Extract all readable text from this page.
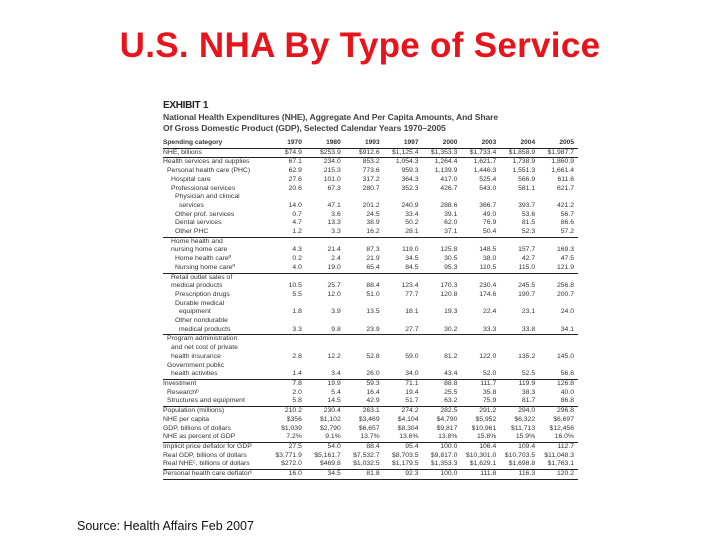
U.S. NHA By Type of Service
EXHIBIT 1
National Health Expenditures (NHE), Aggregate And Per Capita Amounts, And Share
Of Gross Domestic Product (GDP), Selected Calendar Years 1970–2005
Spending category	1970	1980	1993	1997	2000	2003	2004	2005
NHE, billions	$74.9	$253.9	$912.6	$1,125.4	$1,353.3	$1,733.4	$1,858.9	$1,987.7
Health services and supplies	67.1	234.0	853.2	1,054.3	1,264.4	1,621.7	1,738.9	1,860.9
Personal health care (PHC)	62.9	215.3	773.6	959.3	1,139.9	1,446.3	1,551.3	1,661.4
Hospital care	27.6	101.0	317.2	364.3	417.0	525.4	566.9	611.6
Professional services	20.6	67.3	280.7	352.3	426.7	543.0	581.1	621.7
Physician and clinical								
services	14.0	47.1	201.2	240.9	288.6	366.7	393.7	421.2
Other prof. services	0.7	3.6	24.5	33.4	39.1	49.0	53.6	56.7
Dental services	4.7	13.3	38.9	50.2	62.0	76.9	81.5	86.6
Other PHC	1.2	3.3	16.2	28.1	37.1	50.4	52.3	57.2
Home health and								
nursing home care	4.3	21.4	87.3	119.0	125.8	148.5	157.7	169.3
Home health careª	0.2	2.4	21.9	34.5	30.5	38.0	42.7	47.5
Nursing home careª	4.0	19.0	65.4	84.5	95.3	110.5	115.0	121.9
Retail outlet sales of								
medical products	10.5	25.7	88.4	123.4	170.3	230.4	245.5	256.8
Prescription drugs	5.5	12.0	51.0	77.7	120.8	174.6	190.7	200.7
Durable medical								
equipment	1.8	3.9	13.5	18.1	19.3	22.4	23.1	24.0
Other nondurable								
medical products	3.3	9.8	23.9	27.7	30.2	33.3	33.8	34.1
Program administration								
and net cost of private								
health insurance	2.8	12.2	52.8	59.0	81.2	122.0	135.2	145.0
Government public								
health activities	1.4	3.4	26.0	34.0	43.4	52.0	52.5	56.6
Investment	7.8	19.9	59.3	71.1	88.8	111.7	119.9	126.8
Researchᵇ	2.0	5.4	16.4	19.4	25.5	35.8	38.3	40.0
Structures and equipment	5.8	14.5	42.9	51.7	63.2	75.9	81.7	86.8
Population (millions)	210.2	230.4	263.1	274.2	282.5	291.2	294.0	296.8
NHE per capita	$356	$1,102	$3,469	$4,104	$4,790	$5,952	$6,322	$6,697
GDP, billions of dollars	$1,039	$2,790	$6,657	$8,304	$9,817	$10,961	$11,713	$12,456
NHE as percent of GDP	7.2%	9.1%	13.7%	13.6%	13.8%	15.8%	15.9%	16.0%
Implicit price deflator for GDP	27.5	54.0	88.4	95.4	100.0	106.4	109.4	112.7
Real GDP, billions of dollars	$3,771.9	$5,161.7	$7,532.7	$8,703.5	$9,817.0	$10,301.0	$10,703.5	$11,048.3
Real NHEᶜ, billions of dollars	$272.0	$469.8	$1,032.5	$1,179.5	$1,353.3	$1,629.1	$1,698.8	$1,763.1
Personal health care deflatorᶜ	16.0	34.5	81.8	92.3	100.0	111.8	116.3	120.2
Source: Health Affairs Feb 2007
